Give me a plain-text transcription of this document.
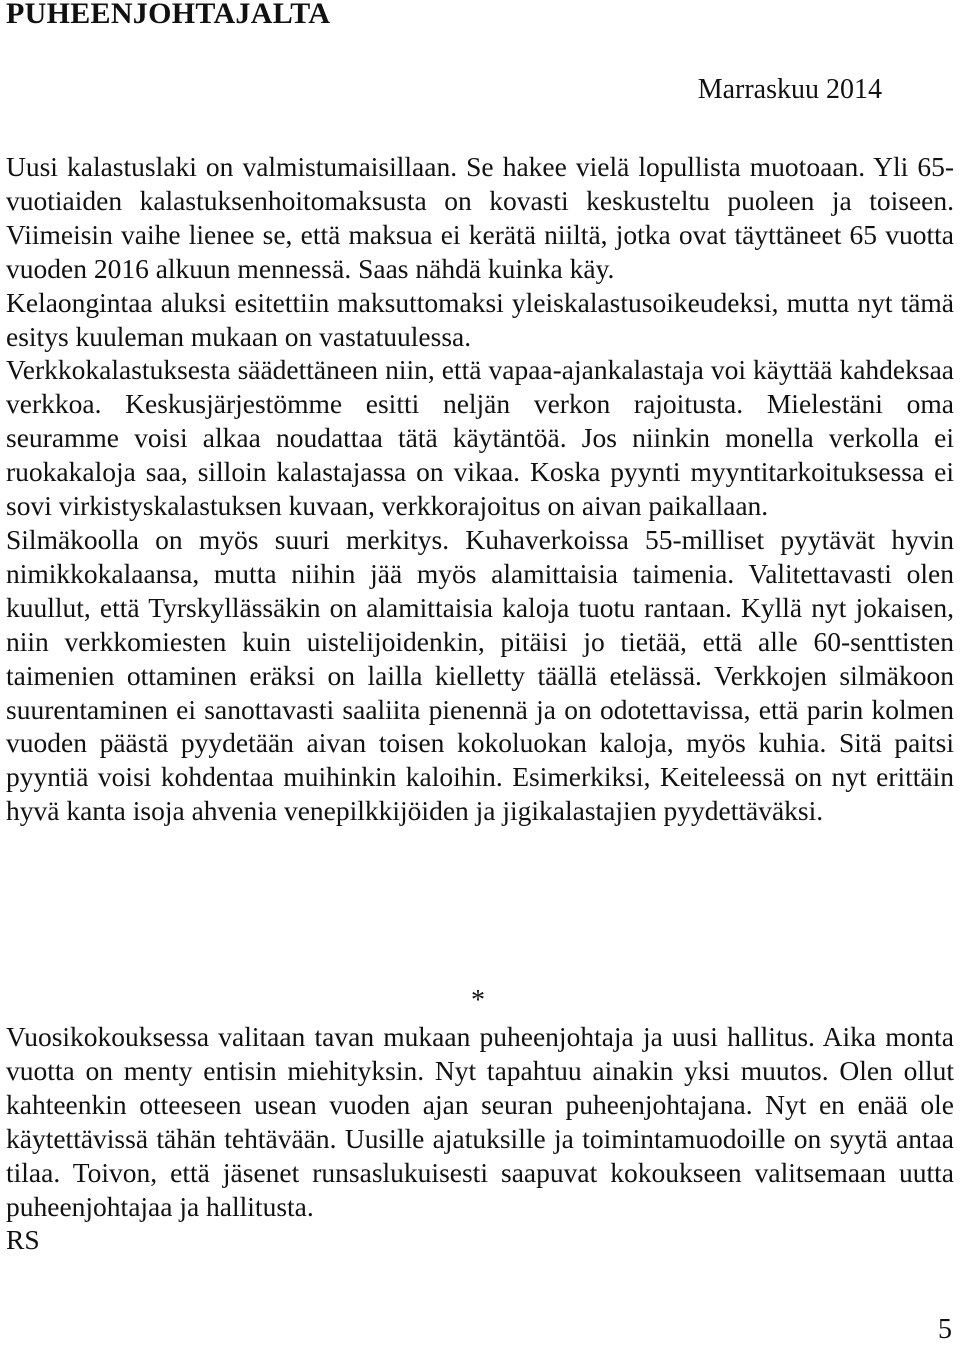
PUHEENJOHTAJALTA
Marraskuu 2014

Uusi kalastuslaki on valmistumaisillaan. Se hakee vielä lopullista muotoaan. Yli 65-vuotiaiden kalastuksenhoitomaksusta on kovasti keskusteltu puoleen ja toiseen. Viimeisin vaihe lienee se, että maksua ei kerätä niiltä, jotka ovat täyttäneet 65 vuotta vuoden 2016 alkuun mennessä. Saas nähdä kuinka käy.

Kelaongintaa aluksi esitettiin maksuttomaksi yleiskalastusoikeudeksi, mutta nyt tämä esitys kuuleman mukaan on vastatuulessa.

Verkkokalastuksesta säädettäneen niin, että vapaa-ajankalastaja voi käyttää kahdeksaa verkkoa. Keskusjärjestömme esitti neljän verkon rajoitusta. Mielestäni oma seuramme voisi alkaa noudattaa tätä käytäntöä. Jos niinkin monella verkolla ei ruokakaloja saa, silloin kalastajassa on vikaa. Koska pyynti myyntitarkoituksessa ei sovi virkistyskalastuksen kuvaan, verkkorajoitus on aivan paikallaan.

Silmäkoolla on myös suuri merkitys. Kuhaverkoissa 55-milliset pyytävät hyvin nimikkokalaansa, mutta niihin jää myös alamittaisia taimenia. Valitettavasti olen kuullut, että Tyrskyllässäkin on alamittaisia kaloja tuotu rantaan. Kyllä nyt jokaisen, niin verkkomiesten kuin uistelijoidenkin, pitäisi jo tietää, että alle 60-senttisten taimenien ottaminen eräksi on lailla kielletty täällä etelässä. Verkkojen silmäkoon suurentaminen ei sanottavasti saaliita pienennä ja on odotettavissa, että parin kolmen vuoden päästä pyydetään aivan toisen kokoluokan kaloja, myös kuhia. Sitä paitsi pyyntiä voisi kohdentaa muihinkin kaloihin. Esimerkiksi, Keiteleessä on nyt erittäin hyvä kanta isoja ahvenia venepilkkijöiden ja jigikalastajien pyydettäväksi.

*

Vuosikokouksessa valitaan tavan mukaan puheenjohtaja ja uusi hallitus. Aika monta vuotta on menty entisin miehityksin. Nyt tapahtuu ainakin yksi muutos. Olen ollut kahteenkin otteeseen usean vuoden ajan seuran puheenjohtajana. Nyt en enää ole käytettävissä tähän tehtävään. Uusille ajatuksille ja toimintamuodoille on syytä antaa tilaa. Toivon, että jäsenet runsaslukuisesti saapuvat kokoukseen valitsemaan uutta puheenjohtajaa ja hallitusta.

RS

5
